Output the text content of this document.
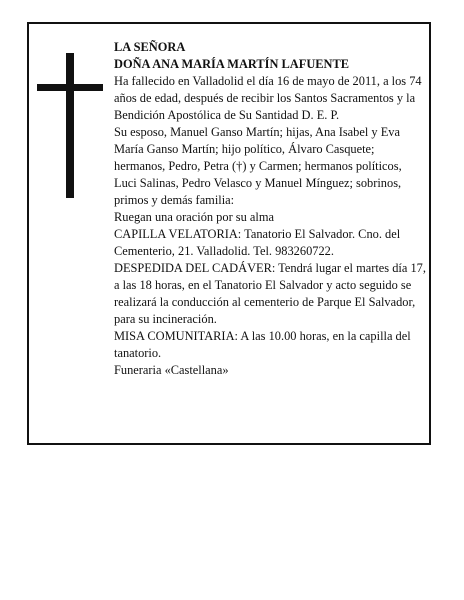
LA SEÑORA

DOÑA ANA MARÍA MARTÍN LAFUENTE

Ha fallecido en Valladolid el día 16 de mayo de 2011, a los 74 años de edad, después de recibir los Santos Sacramentos y la Bendición Apostólica de Su Santidad D. E. P.

Su esposo, Manuel Ganso Martín; hijas, Ana Isabel y Eva María Ganso Martín; hijo político, Álvaro Casquete; hermanos, Pedro, Petra (†) y Carmen; hermanos políticos, Luci Salinas, Pedro Velasco y Manuel Mínguez; sobrinos, primos y demás familia:

Ruegan una oración por su alma

CAPILLA VELATORIA: Tanatorio El Salvador. Cno. del Cementerio, 21. Valladolid. Tel. 983260722.

DESPEDIDA DEL CADÁVER: Tendrá lugar el martes día 17, a las 18 horas, en el Tanatorio El Salvador y acto seguido se realizará la conducción al cementerio de Parque El Salvador, para su incineración.

MISA COMUNITARIA: A las 10.00 horas, en la capilla del tanatorio.

Funeraria «Castellana»
